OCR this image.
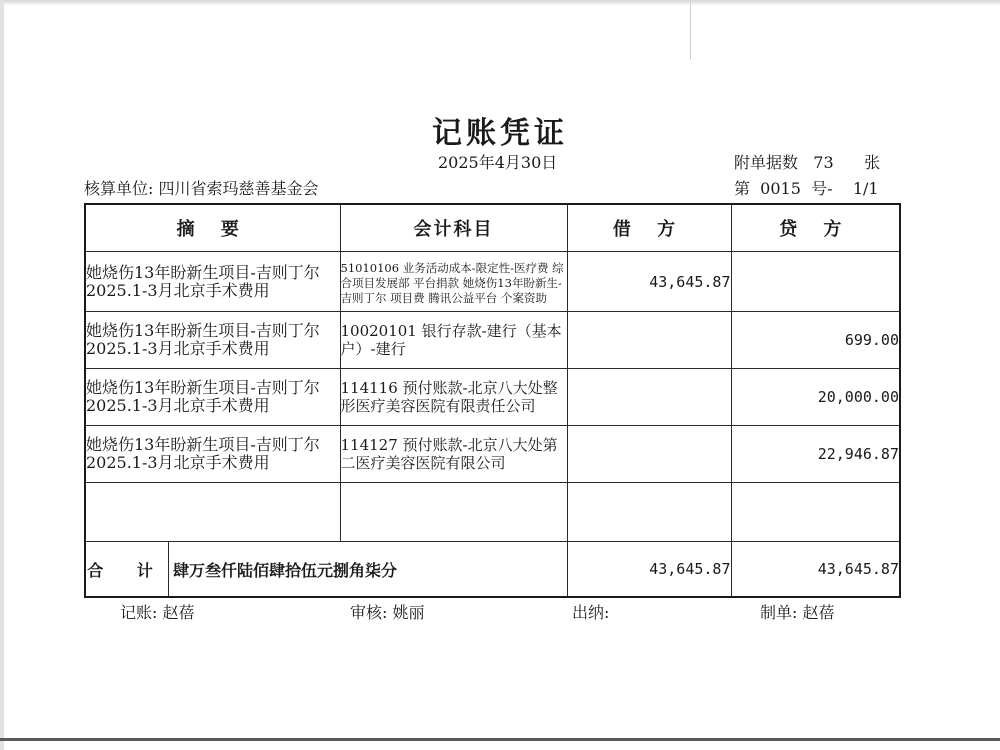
记账凭证
2025年4月30日	附单据数   73      张
核算单位: 四川省索玛慈善基金会	第  0015  号-    1/1
摘 要	会计科目	借 方	贷 方
她烧伤13年盼新生项目-吉则丁尔2025.1-3月北京手术费用	51010106 业务活动成本-限定性-医疗费 综合项目发展部 平台捐款 她烧伤13年盼新生-吉则丁尔 项目费 腾讯公益平台 个案资助	43,645.87	
她烧伤13年盼新生项目-吉则丁尔2025.1-3月北京手术费用	10020101 银行存款-建行（基本户）-建行		699.00
她烧伤13年盼新生项目-吉则丁尔2025.1-3月北京手术费用	114116 预付账款-北京八大处整形医疗美容医院有限责任公司		20,000.00
她烧伤13年盼新生项目-吉则丁尔2025.1-3月北京手术费用	114127 预付账款-北京八大处第二医疗美容医院有限公司		22,946.87

合 计 肆万叁仟陆佰肆拾伍元捌角柒分		43,645.87	43,645.87
记账: 赵蓓	审核: 姚丽	出纳:	制单: 赵蓓
